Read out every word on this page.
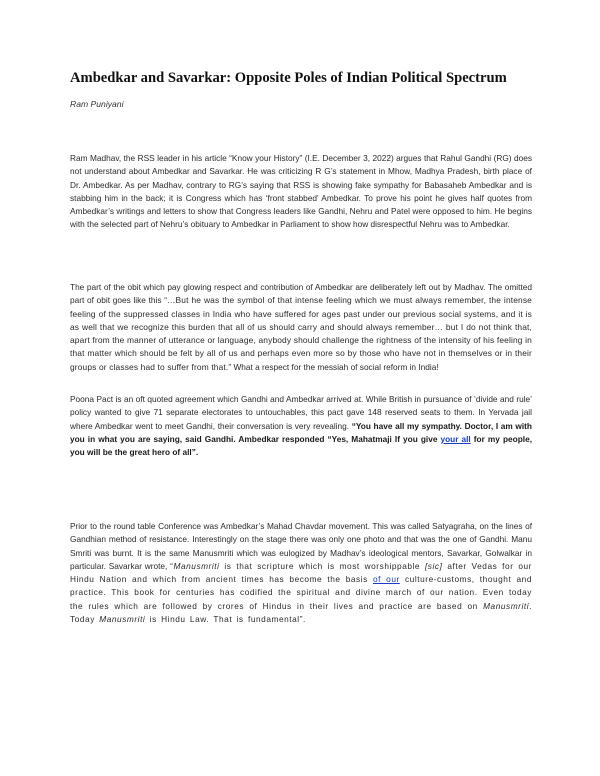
Ambedkar and Savarkar: Opposite Poles of Indian Political Spectrum
Ram Puniyani

Ram Madhav, the RSS leader in his article “Know your History” (I.E. December 3, 2022) argues that Rahul Gandhi (RG) does not understand about Ambedkar and Savarkar. He was criticizing R G’s statement in Mhow, Madhya Pradesh, birth place of Dr. Ambedkar. As per Madhav, contrary to RG’s saying that RSS is showing fake sympathy for Babasaheb Ambedkar and is stabbing him in the back; it is Congress which has ‘front stabbed’ Ambedkar. To prove his point he gives half quotes from Ambedkar’s writings and letters to show that Congress leaders like Gandhi, Nehru and Patel were opposed to him. He begins with the selected part of Nehru’s obituary to Ambedkar in Parliament to show how disrespectful Nehru was to Ambedkar.

The part of the obit which pay glowing respect and contribution of Ambedkar are deliberately left out by Madhav. The omitted part of obit goes like this “…But he was the symbol of that intense feeling which we must always remember, the intense feeling of the suppressed classes in India who have suffered for ages past under our previous social systems, and it is as well that we recognize this burden that all of us should carry and should always remember… but I do not think that, apart from the manner of utterance or language, anybody should challenge the rightness of the intensity of his feeling in that matter which should be felt by all of us and perhaps even more so by those who have not in themselves or in their groups or classes had to suffer from that.” What a respect for the messiah of social reform in India!

Poona Pact is an oft quoted agreement which Gandhi and Ambedkar arrived at. While British in pursuance of ‘divide and rule’ policy wanted to give 71 separate electorates to untouchables, this pact gave 148 reserved seats to them. In Yervada jail where Ambedkar went to meet Gandhi, their conversation is very revealing. “You have all my sympathy. Doctor, I am with you in what you are saying, said Gandhi. Ambedkar responded “Yes, Mahatmaji If you give your all for my people, you will be the great hero of all”.

Prior to the round table Conference was Ambedkar’s Mahad Chavdar movement. This was called Satyagraha, on the lines of Gandhian method of resistance. Interestingly on the stage there was only one photo and that was the one of Gandhi. Manu Smriti was burnt. It is the same Manusmriti which was eulogized by Madhav’s ideological mentors, Savarkar, Golwalkar in particular. Savarkar wrote, “Manusmriti is that scripture which is most worshippable [sic] after Vedas for our Hindu Nation and which from ancient times has become the basis of our culture-customs, thought and practice. This book for centuries has codified the spiritual and divine march of our nation. Even today the rules which are followed by crores of Hindus in their lives and practice are based on Manusmriti. Today Manusmriti is Hindu Law. That is fundamental”.
